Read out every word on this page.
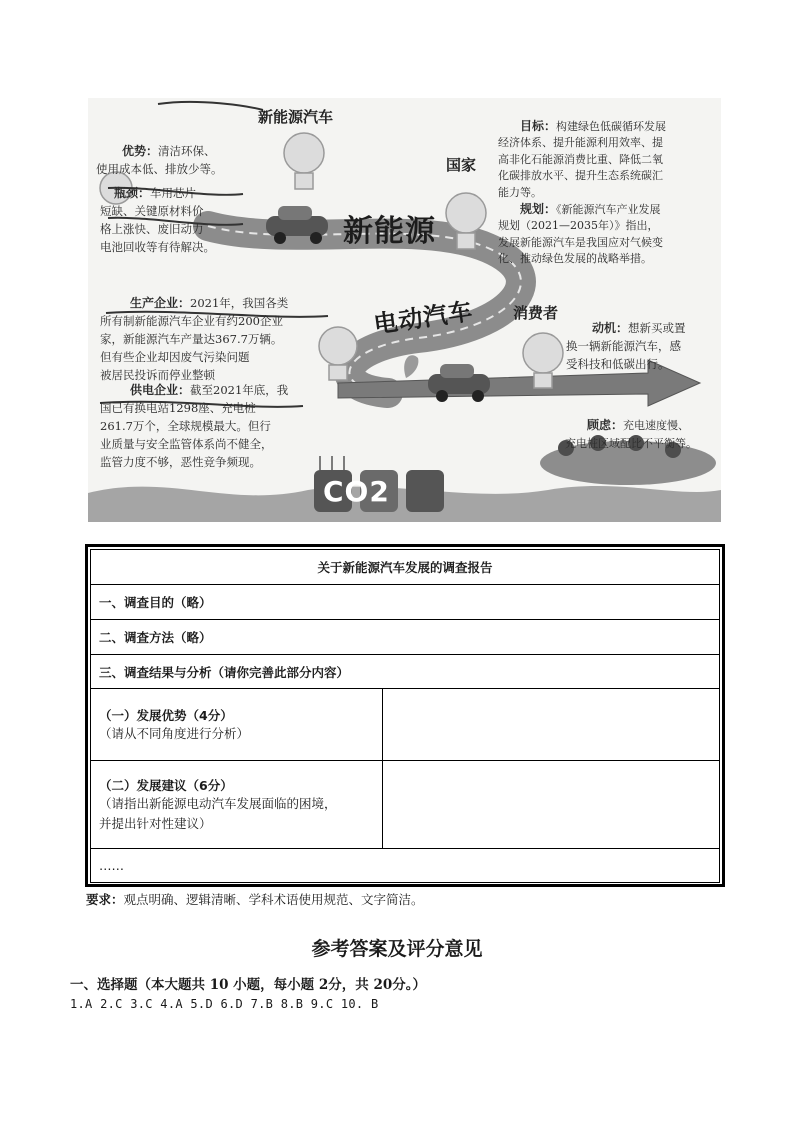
新能源
电动汽车
CO2
新能源汽车
国家
消费者

优势：清洁环保、
使用成本低、排放少等。

瓶颈：车用芯片
短缺、关键原材料价
格上涨快、废旧动力
电池回收等有待解决。

目标：构建绿色低碳循环发展
经济体系、提升能源利用效率、提
高非化石能源消费比重、降低二氧
化碳排放水平、提升生态系统碳汇
能力等。

规划：《新能源汽车产业发展
规划（2021—2035年）》指出，
发展新能源汽车是我国应对气候变
化、推动绿色发展的战略举措。

生产企业：2021年，我国各类
所有制新能源汽车企业有约200企业
家，新能源汽车产量达367.7万辆。
但有些企业却因废气污染问题
被居民投诉而停业整顿

供电企业：截至2021年底，我
国已有换电站1298座、充电桩
261.7万个，全球规模最大。但行
业质量与安全监管体系尚不健全，
监管力度不够，恶性竞争频现。

动机：想新买或置
换一辆新能源汽车，感
受科技和低碳出行。

顾虑：充电速度慢、
充电桩区域配比不平衡等。

关于新能源汽车发展的调查报告	
一、调查目的（略）	
二、调查方法（略）	
三、调查结果与分析（请你完善此部分内容）	

（一）发展优势（4分）
（请从不同角度进行分析）	

（二）发展建议（6分）
（请指出新能源电动汽车发展面临的困境，
并提出针对性建议）	

……	
要求：观点明确、逻辑清晰、学科术语使用规范、文字简洁。
参考答案及评分意见
一、选择题（本大题共 10 小题，每小题 2分，共 20分。）
1.A 2.C 3.C 4.A 5.D 6.D 7.B 8.B 9.C 10. B
